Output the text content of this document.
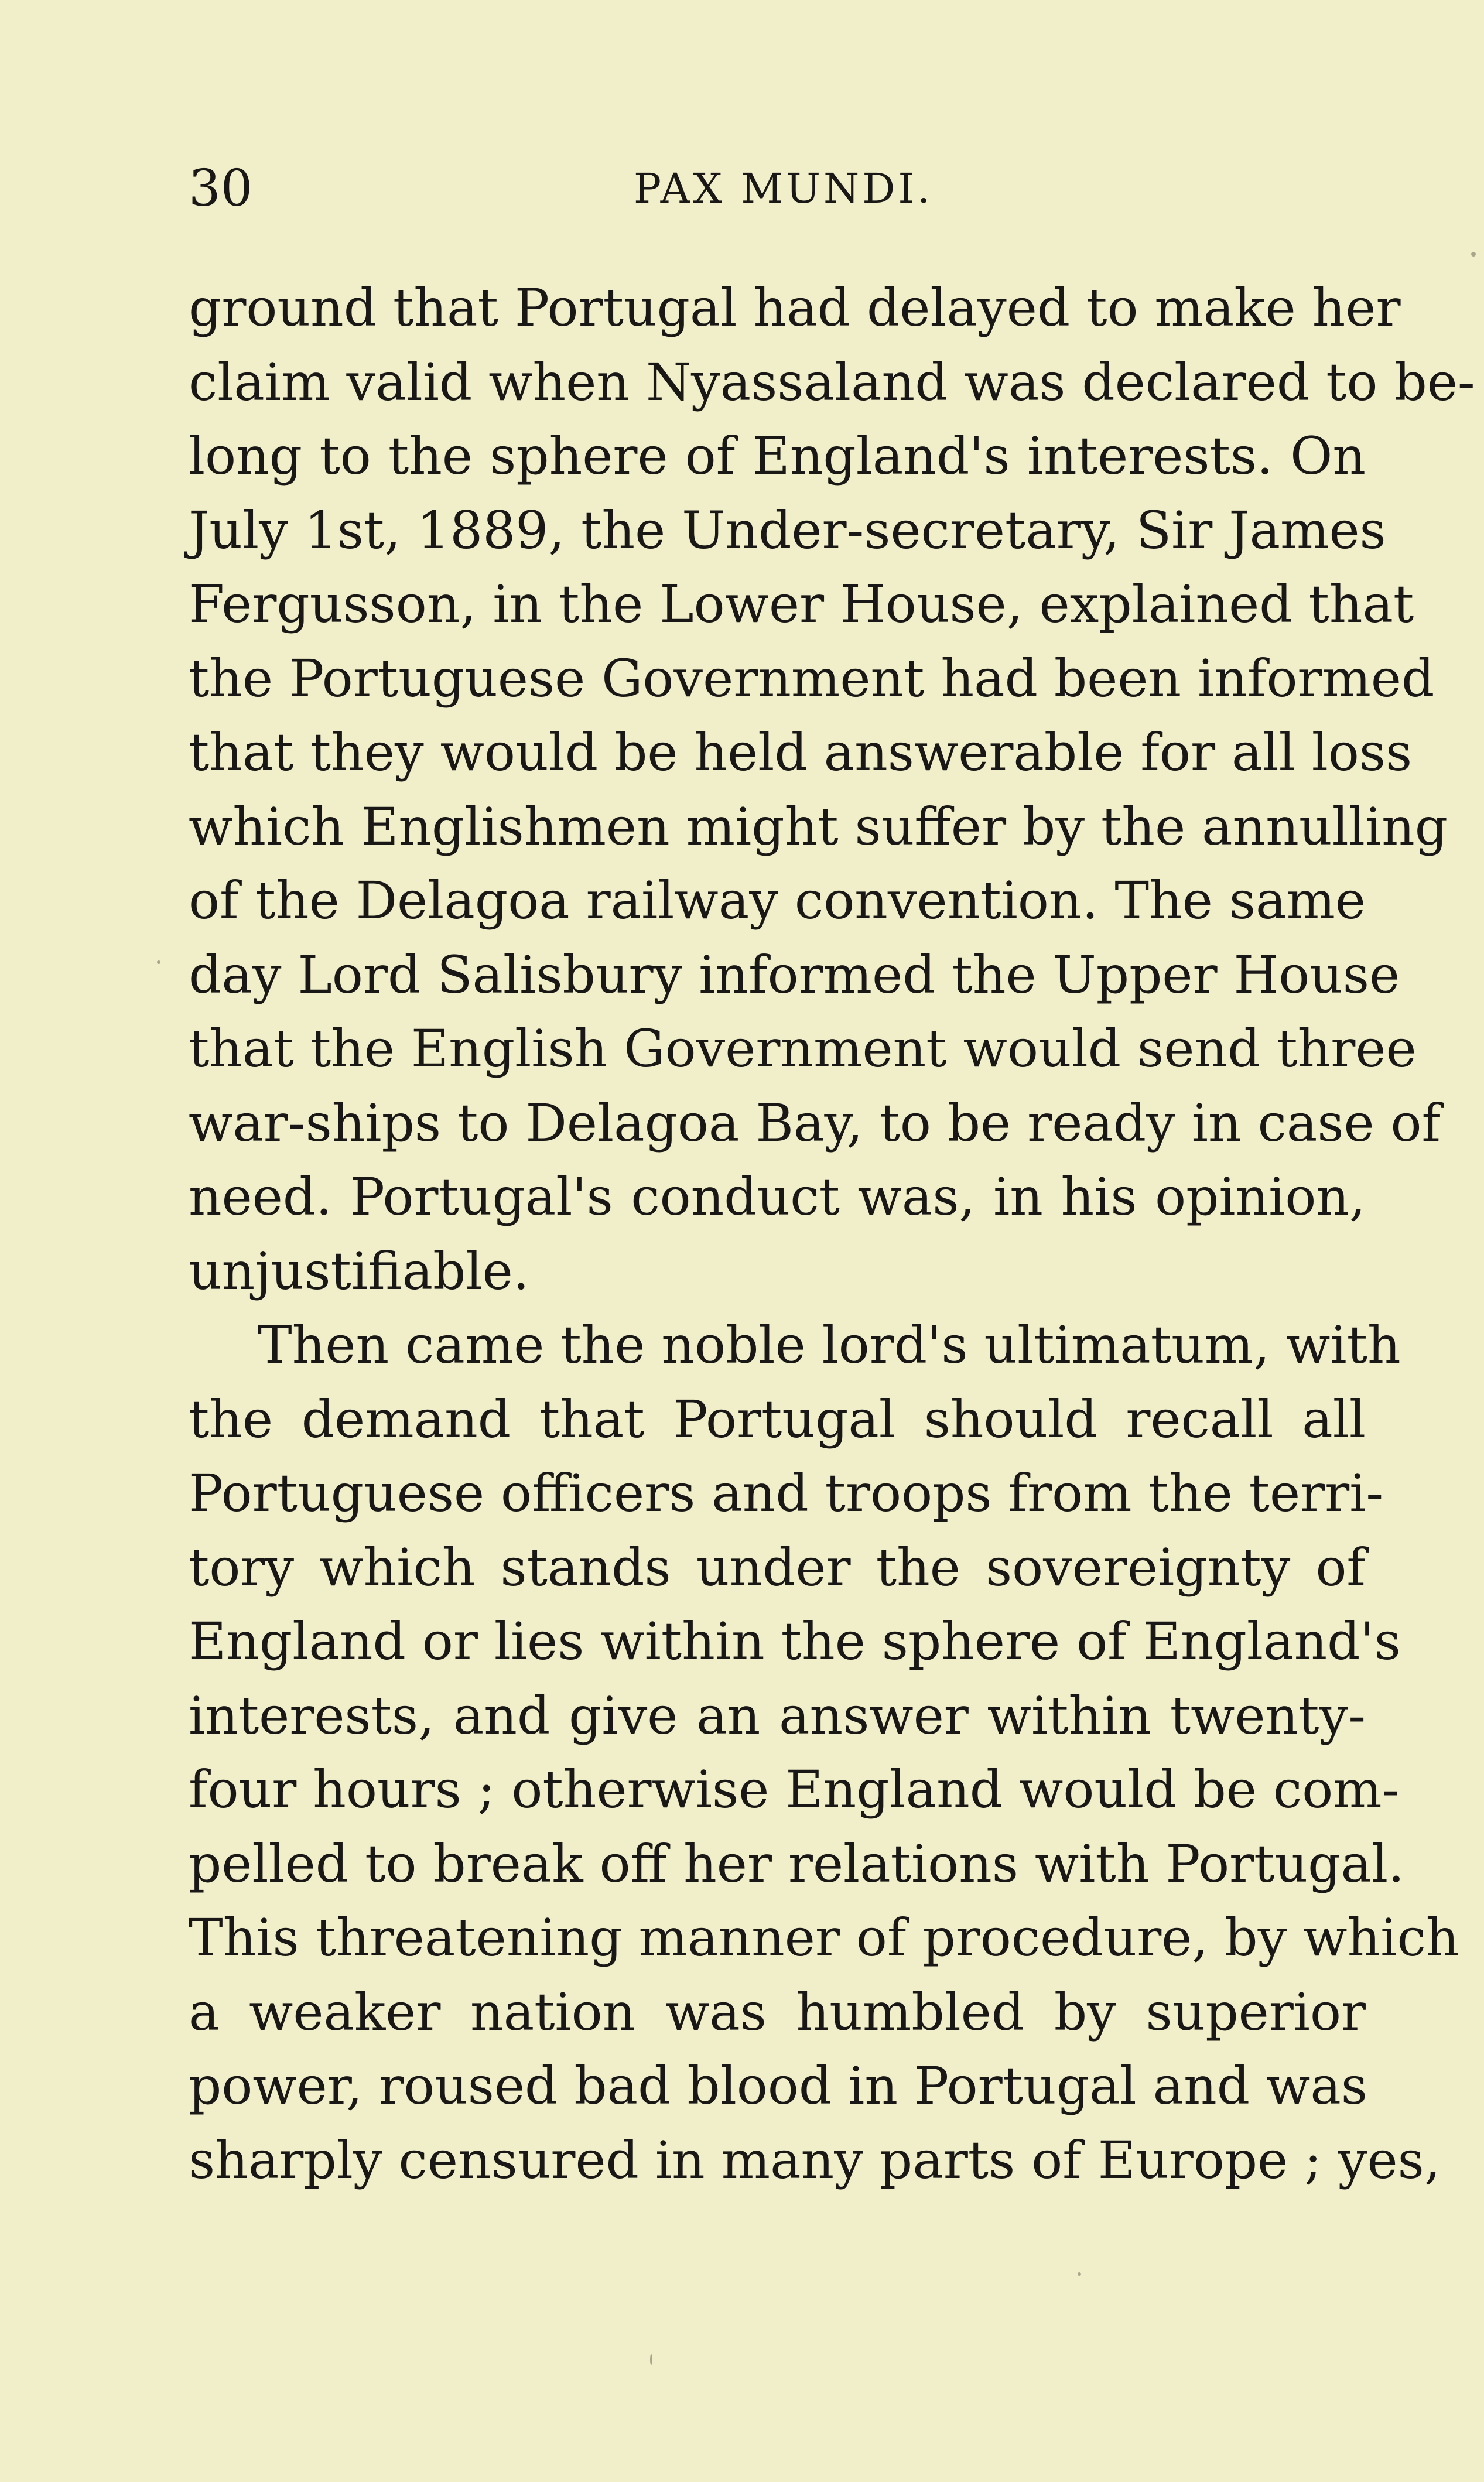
30	PAX MUNDI.
ground that Portugal had delayed to make her
claim valid when Nyassaland was declared to be-
long to the sphere of England's interests. On
July 1st, 1889, the Under-secretary, Sir James
Fergusson, in the Lower House, explained that
the Portuguese Government had been informed
that they would be held answerable for all loss
which Englishmen might suffer by the annulling
of the Delagoa railway convention. The same
day Lord Salisbury informed the Upper House
that the English Government would send three
war-ships to Delagoa Bay, to be ready in case of
need. Portugal's conduct was, in his opinion,
unjustifiable.
Then came the noble lord's ultimatum, with
the demand that Portugal should recall all
Portuguese officers and troops from the terri-
tory which stands under the sovereignty of
England or lies within the sphere of England's
interests, and give an answer within twenty-
four hours ; otherwise England would be com-
pelled to break off her relations with Portugal.
This threatening manner of procedure, by which
a weaker nation was humbled by superior
power, roused bad blood in Portugal and was
sharply censured in many parts of Europe ; yes,
